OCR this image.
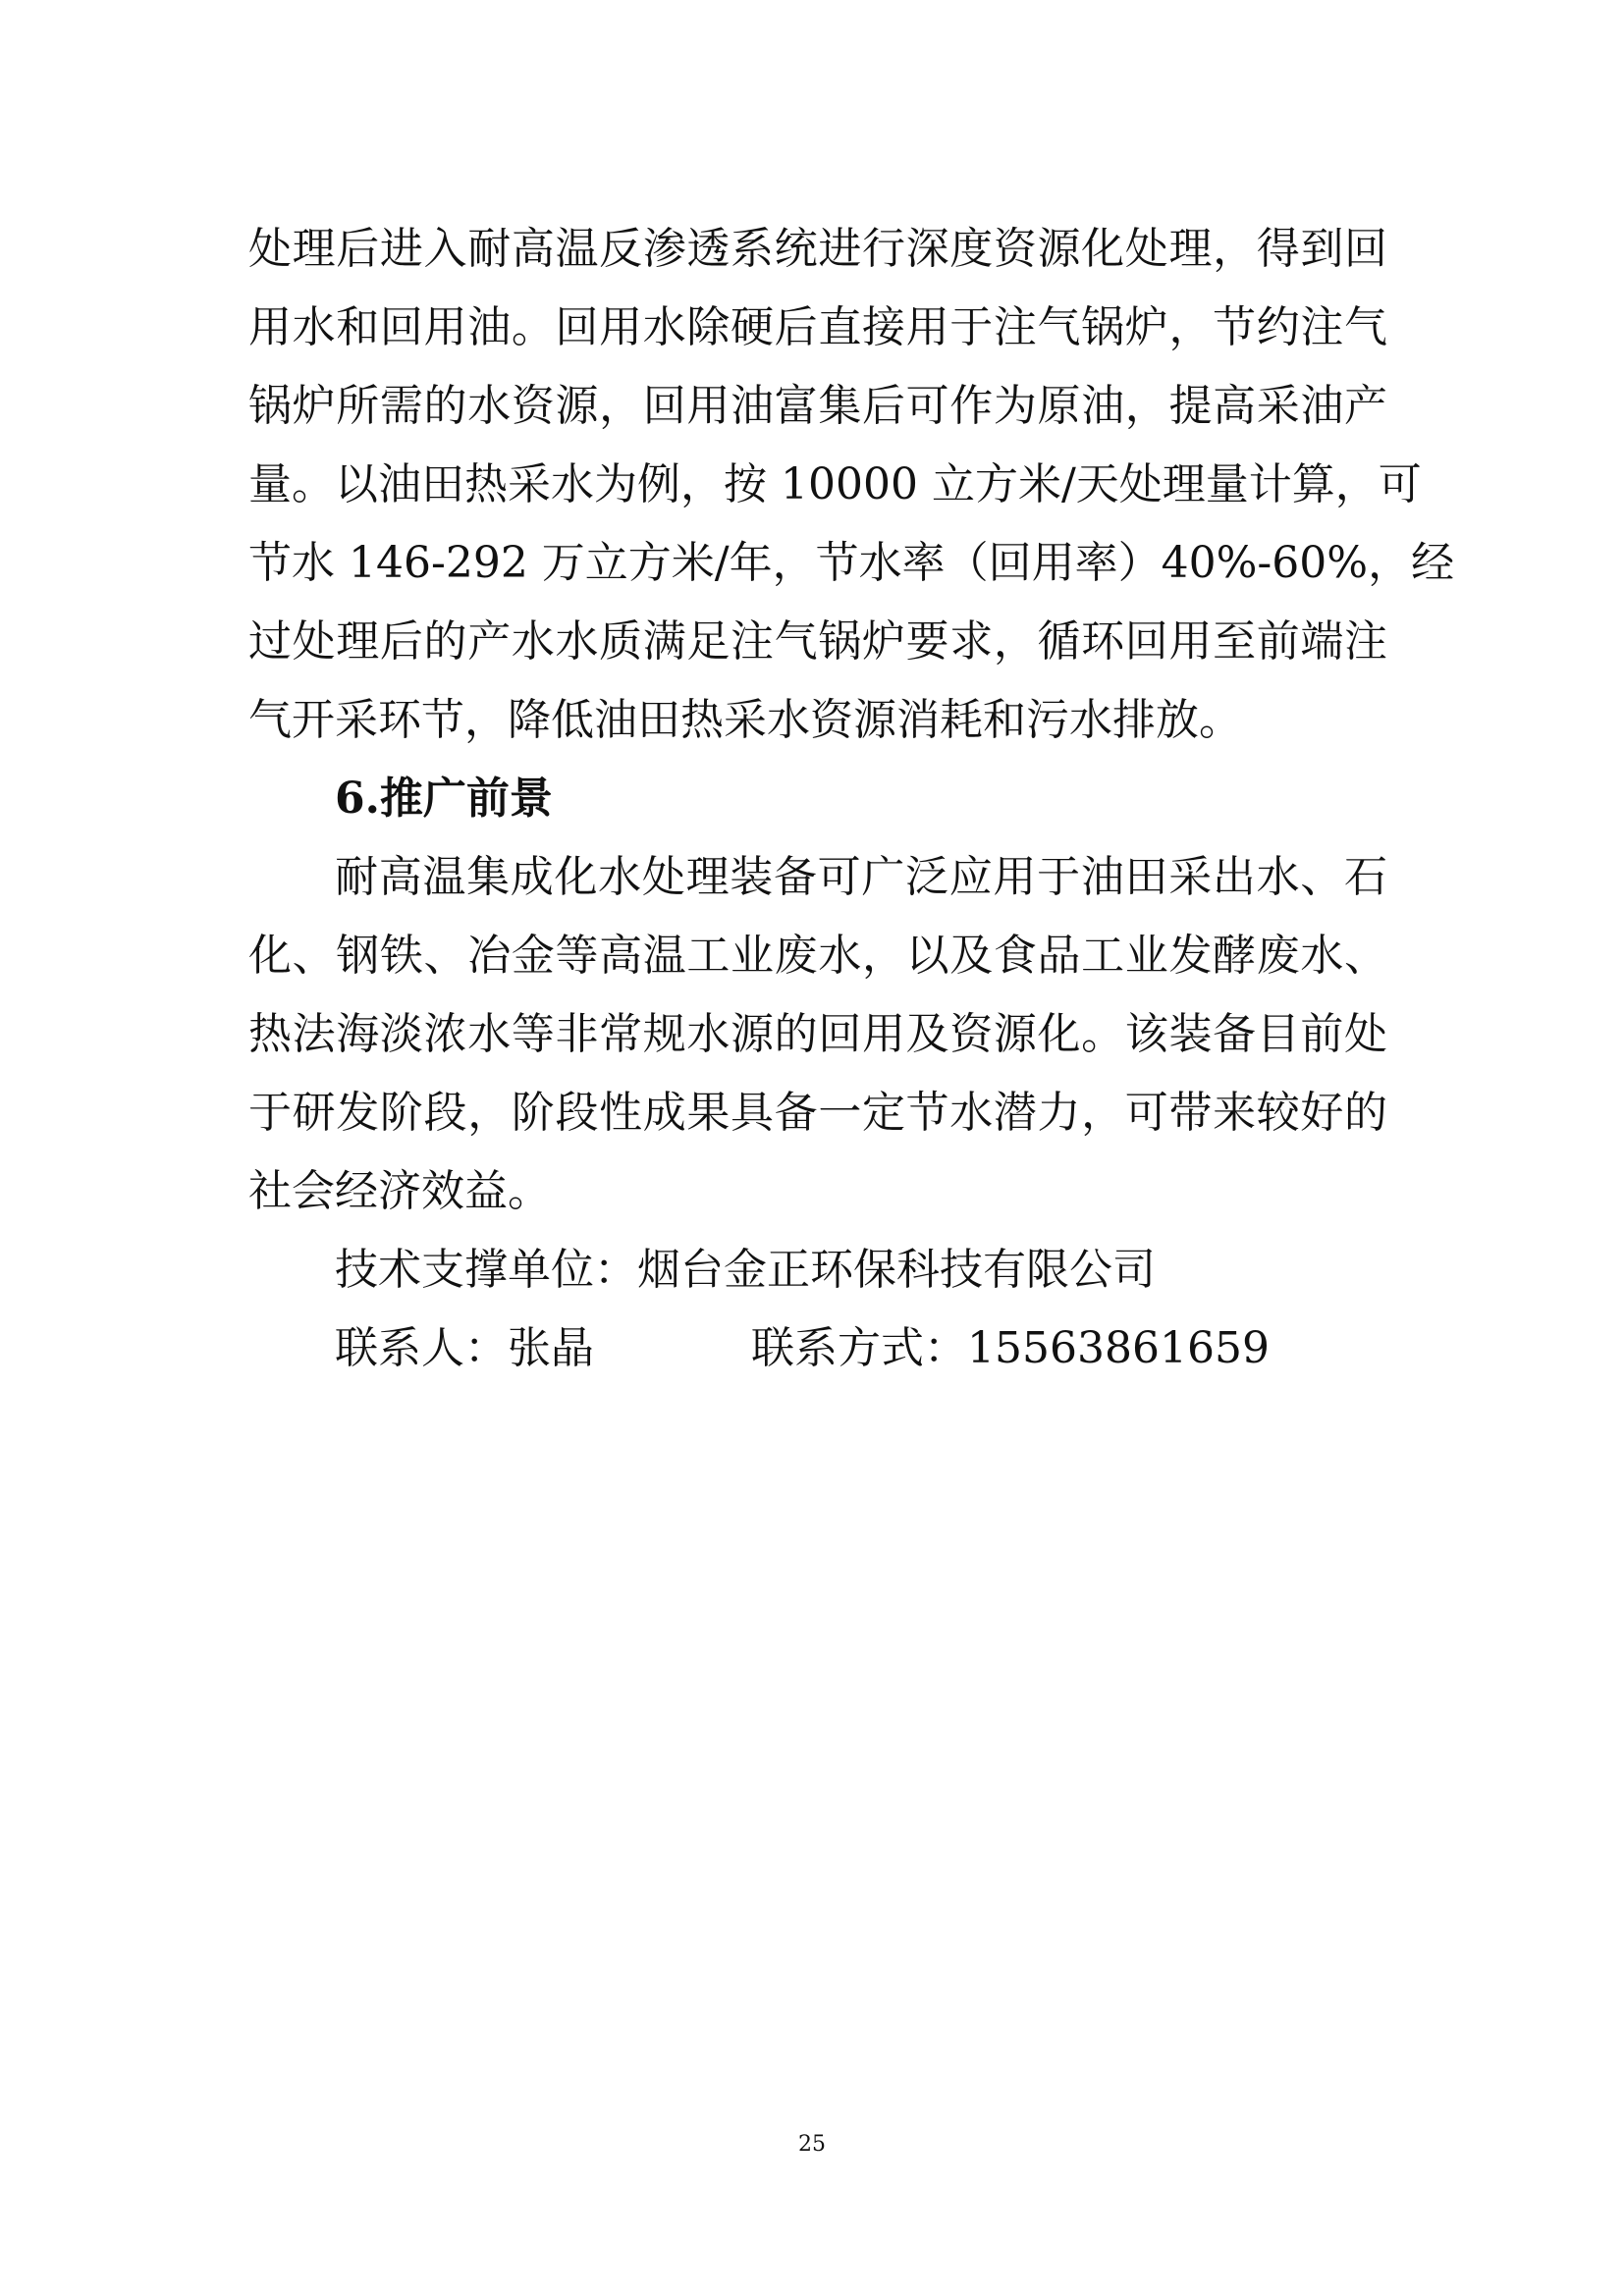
处理后进入耐高温反渗透系统进行深度资源化处理，得到回
用水和回用油。回用水除硬后直接用于注气锅炉，节约注气
锅炉所需的水资源，回用油富集后可作为原油，提高采油产
量。以油田热采水为例，按 10000 立方米/天处理量计算，可
节水 146-292 万立方米/年，节水率（回用率）40%-60%，经
过处理后的产水水质满足注气锅炉要求，循环回用至前端注
气开采环节，降低油田热采水资源消耗和污水排放。
6.推广前景
耐高温集成化水处理装备可广泛应用于油田采出水、石
化、钢铁、冶金等高温工业废水，以及食品工业发酵废水、
热法海淡浓水等非常规水源的回用及资源化。该装备目前处
于研发阶段，阶段性成果具备一定节水潜力，可带来较好的
社会经济效益。
技术支撑单位：烟台金正环保科技有限公司
联系人：张晶	联系方式：15563861659
25
